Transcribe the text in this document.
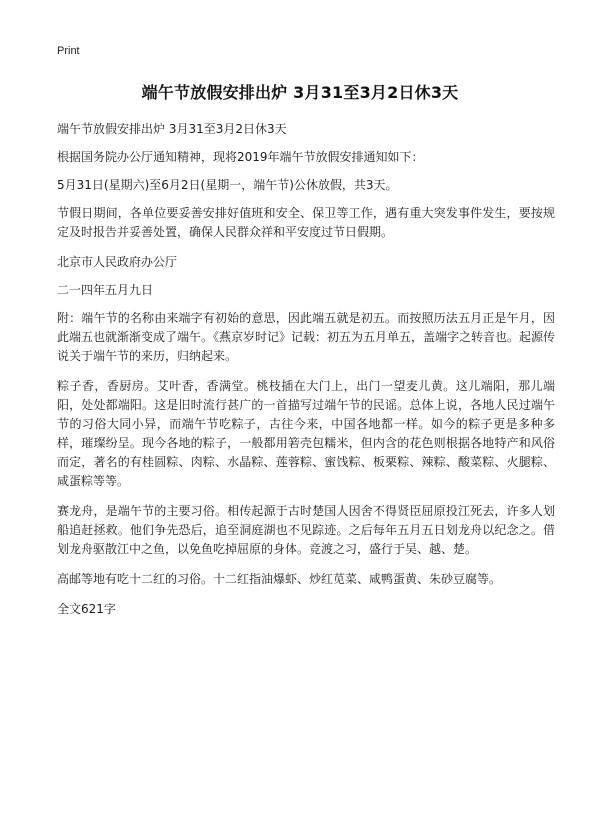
Print
端午节放假安排出炉 3月31至3月2日休3天

端午节放假安排出炉 3月31至3月2日休3天

根据国务院办公厅通知精神，现将2019年端午节放假安排通知如下：

5月31日(星期六)至6月2日(星期一，端午节)公休放假，共3天。

节假日期间，各单位要妥善安排好值班和安全、保卫等工作，遇有重大突发事件发生，要按规定及时报告并妥善处置，确保人民群众祥和平安度过节日假期。

北京市人民政府办公厅

二一四年五月九日

附：端午节的名称由来端字有初始的意思，因此端五就是初五。而按照历法五月正是午月，因此端五也就渐渐变成了端午。《燕京岁时记》记载：初五为五月单五，盖端字之转音也。起源传说关于端午节的来历，归纳起来。

粽子香，香厨房。艾叶香，香满堂。桃枝插在大门上，出门一望麦儿黄。这儿端阳，那儿端阳，处处都端阳。这是旧时流行甚广的一首描写过端午节的民谣。总体上说，各地人民过端午节的习俗大同小异，而端午节吃粽子，古往今来，中国各地都一样。如今的粽子更是多种多样，璀璨纷呈。现今各地的粽子，一般都用箬壳包糯米，但内含的花色则根据各地特产和风俗而定，著名的有桂圆粽、肉粽、水晶粽、莲蓉粽、蜜饯粽、板栗粽、辣粽、酸菜粽、火腿粽、咸蛋粽等等。

赛龙舟，是端午节的主要习俗。相传起源于古时楚国人因舍不得贤臣屈原投江死去，许多人划船追赶拯救。他们争先恐后，追至洞庭湖也不见踪迹。之后每年五月五日划龙舟以纪念之。借划龙舟驱散江中之鱼，以免鱼吃掉屈原的身体。竞渡之习，盛行于吴、越、楚。

高邮等地有吃十二红的习俗。十二红指油爆虾、炒红苋菜、咸鸭蛋黄、朱砂豆腐等。

全文621字
